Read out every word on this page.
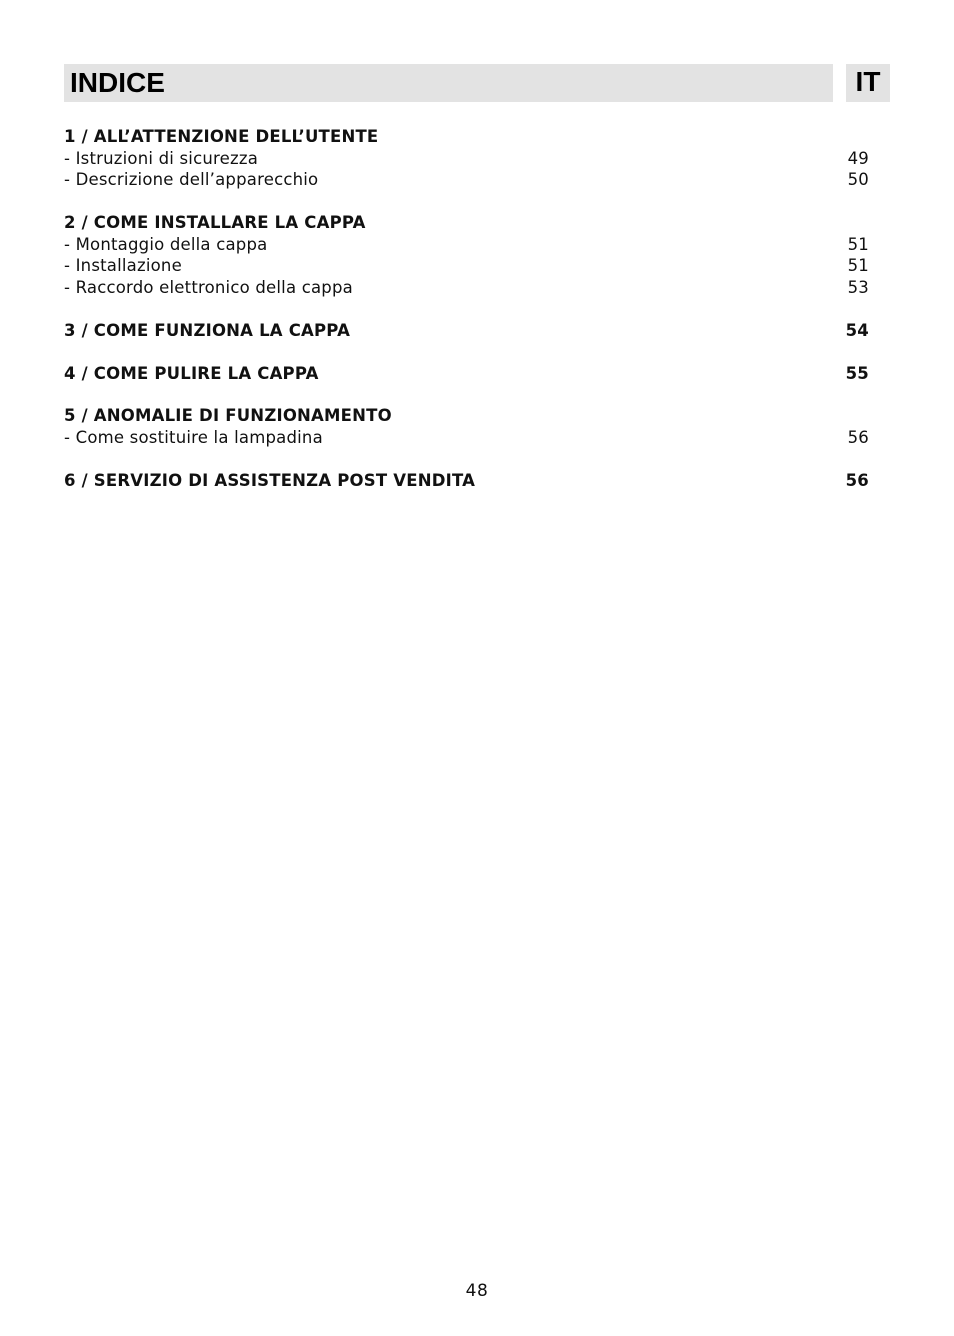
INDICE	IT
1 / ALL’ATTENZIONE DELL’UTENTE
- Istruzioni di sicurezza	49
- Descrizione dell’apparecchio	50
2 / COME INSTALLARE LA CAPPA
- Montaggio della cappa	51
- Installazione	51
- Raccordo elettronico della cappa	53
3 / COME FUNZIONA LA CAPPA	54
4 / COME PULIRE LA CAPPA	55
5 / ANOMALIE DI FUNZIONAMENTO
- Come sostituire la lampadina	56
6 / SERVIZIO DI ASSISTENZA POST VENDITA	56
48
